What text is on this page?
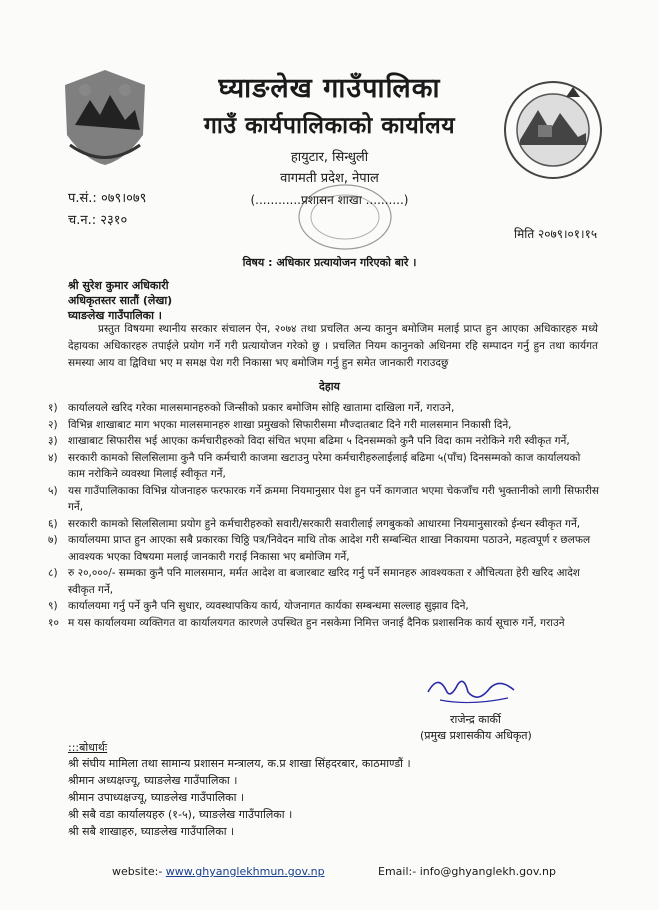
घ्याङलेख गाउँपालिका
गाउँ कार्यपालिकाको कार्यालय
हायुटार, सिन्धुली
वागमती प्रदेश, नेपाल
(............प्रशासन शाखा ..........)
प.सं.: ०७९।०७९
च.न.: २३१०
मिति २०७९।०१।१५
विषय : अधिकार प्रत्यायोजन गरिएको बारे ।
श्री सुरेश कुमार अधिकारी
अधिकृतस्तर सातौं (लेखा)
घ्याङलेख गाउँपालिका ।
प्रस्तुत विषयमा स्थानीय सरकार संचालन ऐन, २०७४ तथा प्रचलित अन्य कानुन बमोजिम मलाई प्राप्त हुन आएका अधिकारहरु मध्ये देहायका अधिकारहरु तपाईले प्रयोग गर्ने गरी प्रत्यायोजन गरेको छु । प्रचलित नियम कानुनको अधिनमा रहि सम्पादन गर्नु हुन तथा कार्यगत समस्या आय वा द्विविधा भए म समक्ष पेश गरी निकासा भए बमोजिम गर्नु हुन समेत जानकारी गराउदछु
देहाय
१) कार्यालयले खरिद गरेका मालसमानहरुको जिन्सीको प्रकार बमोजिम सोहि खातामा दाखिला गर्ने, गराउने,
२) विभिन्न शाखाबाट माग भएका मालसमानहरु शाखा प्रमुखको सिफारीसमा मौज्दातबाट दिने गरी मालसमान निकासी दिने,
३) शाखाबाट सिफारीस भई आएका कर्मचारीहरुको विदा संचित भएमा बढिमा ५ दिनसम्मको कुनै पनि विदा काम नरोकिने गरी स्वीकृत गर्ने,
४) सरकारी कामको सिलसिलामा कुनै पनि कर्मचारी काजमा खटाउनु परेमा कर्मचारीहरुलाईलाई बढिमा ५(पाँच) दिनसम्मको काज कार्यालयको काम नरोकिने व्यवस्था मिलाई स्वीकृत गर्ने,
५) यस गाउँपालिकाका विभिन्न योजनाहरु फरफारक गर्ने क्रममा नियमानुसार पेश हुन पर्ने कागजात भएमा चेकजाँच गरी भुक्तानीको लागी सिफारीस गर्ने,
६) सरकारी कामको सिलसिलामा प्रयोग हुने कर्मचारीहरुको सवारी/सरकारी सवारीलाई लगबुकको आधारमा नियमानुसारको ईन्धन स्वीकृत गर्ने,
७) कार्यालयमा प्राप्त हुन आएका सबै प्रकारका चिठ्ठि पत्र/निवेदन माथि तोक आदेश गरी सम्बन्धित शाखा निकायमा पठाउने, महत्वपूर्ण र छलफल आवश्यक भएका विषयमा मलाई जानकारी गराई निकासा भए बमोजिम गर्ने,
८) रु २०,०००/- सम्मका कुनै पनि मालसमान, मर्मत आदेश वा बजारबाट खरिद गर्नु पर्ने समानहरु आवश्यकता र औचित्यता हेरी खरिद आदेश स्वीकृत गर्ने,
९) कार्यालयमा गर्नु पर्ने कुनै पनि सुधार, व्यवस्थापकिय कार्य, योजनागत कार्यका सम्बन्धमा सल्लाह सुझाव दिने,
१० म यस कार्यालयमा व्यक्तिगत वा कार्यालयगत कारणले उपस्थित हुन नसकेमा निमित्त जनाई दैनिक प्रशासनिक कार्य सूचारु गर्ने, गराउने
राजेन्द्र कार्की
(प्रमुख प्रशासकीय अधिकृत)
:::बोधार्थः
श्री संघीय मामिला तथा सामान्य प्रशासन मन्त्रालय, क.प्र शाखा सिंहदरबार, काठमाण्डौं ।
श्रीमान अध्यक्षज्यू, घ्याङलेख गाउँपालिका ।
श्रीमान उपाध्यक्षज्यू, घ्याङलेख गाउँपालिका ।
श्री सबै वडा कार्यालयहरु (१-५), घ्याङलेख गाउँपालिका ।
श्री सबै शाखाहरु, घ्याङलेख गाउँपालिका ।
website:- www.ghyanglekhmun.gov.np	Email:- info@ghyanglekh.gov.np
